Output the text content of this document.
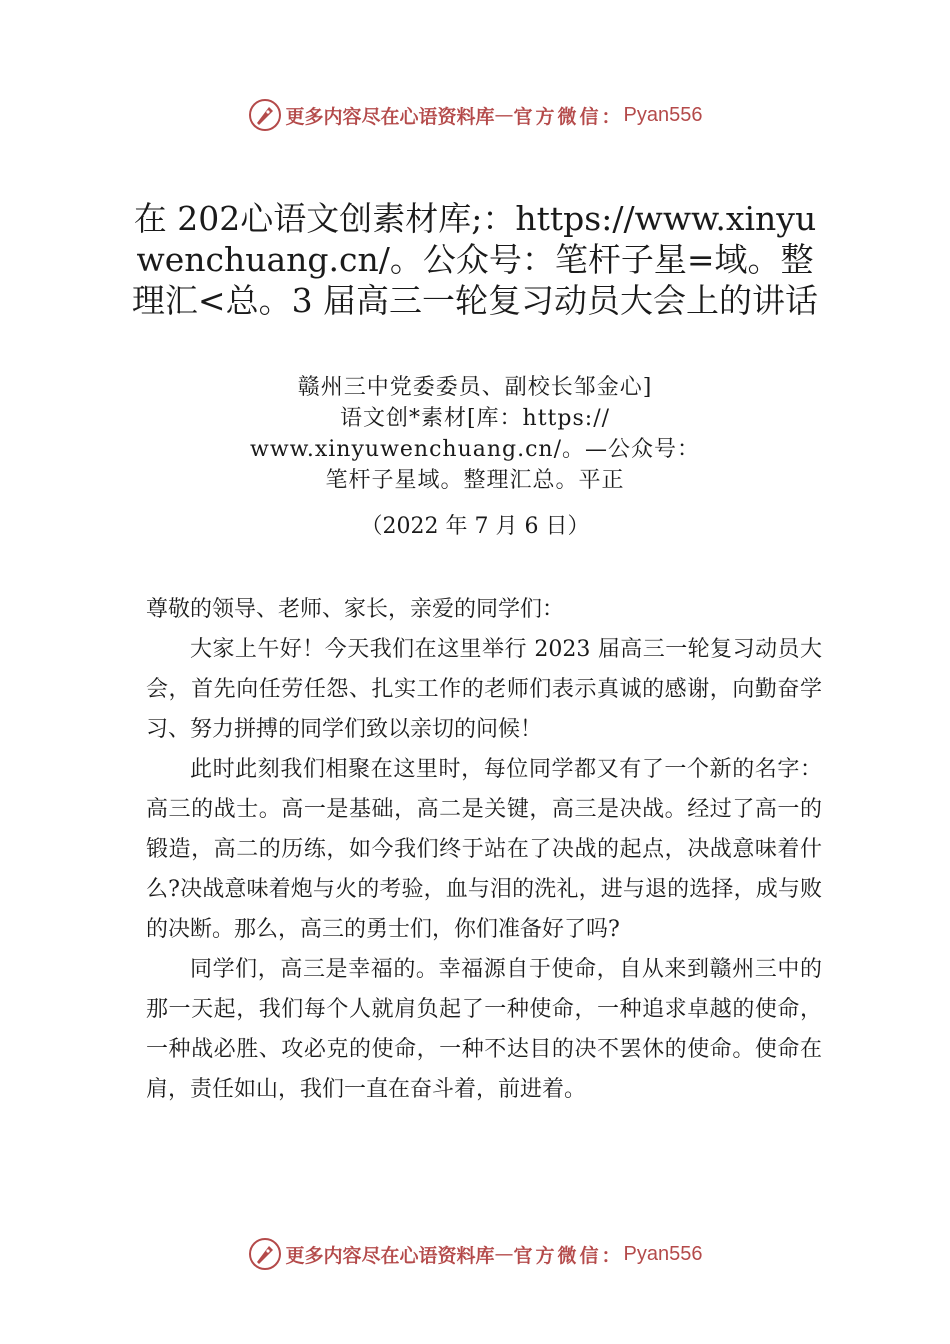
更多内容尽在心语资料库 — 官方微信： Pyan556
在 202心语文创素材库;：https://www.xinyuwenchuang.cn/。公众号：笔杆子星=域。整理汇<总。3 届高三一轮复习动员大会上的讲话
赣州三中党委委员、副校长邹金心]
语文创*素材[库：https://
www.xinyuwenchuang.cn/。—公众号：
笔杆子星域。整理汇总。平正
（2022 年 7 月 6 日）

尊敬的领导、老师、家长，亲爱的同学们：

大家上午好！今天我们在这里举行 2023 届高三一轮复习动员大会，首先向任劳任怨、扎实工作的老师们表示真诚的感谢，向勤奋学习、努力拼搏的同学们致以亲切的问候！

此时此刻我们相聚在这里时，每位同学都又有了一个新的名字：高三的战士。高一是基础，高二是关键，高三是决战。经过了高一的锻造，高二的历练，如今我们终于站在了决战的起点，决战意味着什么?决战意味着炮与火的考验，血与泪的洗礼，进与退的选择，成与败的决断。那么，高三的勇士们，你们准备好了吗?

同学们，高三是幸福的。幸福源自于使命，自从来到赣州三中的那一天起，我们每个人就肩负起了一种使命，一种追求卓越的使命，一种战必胜、攻必克的使命，一种不达目的决不罢休的使命。使命在肩，责任如山，我们一直在奋斗着，前进着。

更多内容尽在心语资料库 — 官方微信： Pyan556
